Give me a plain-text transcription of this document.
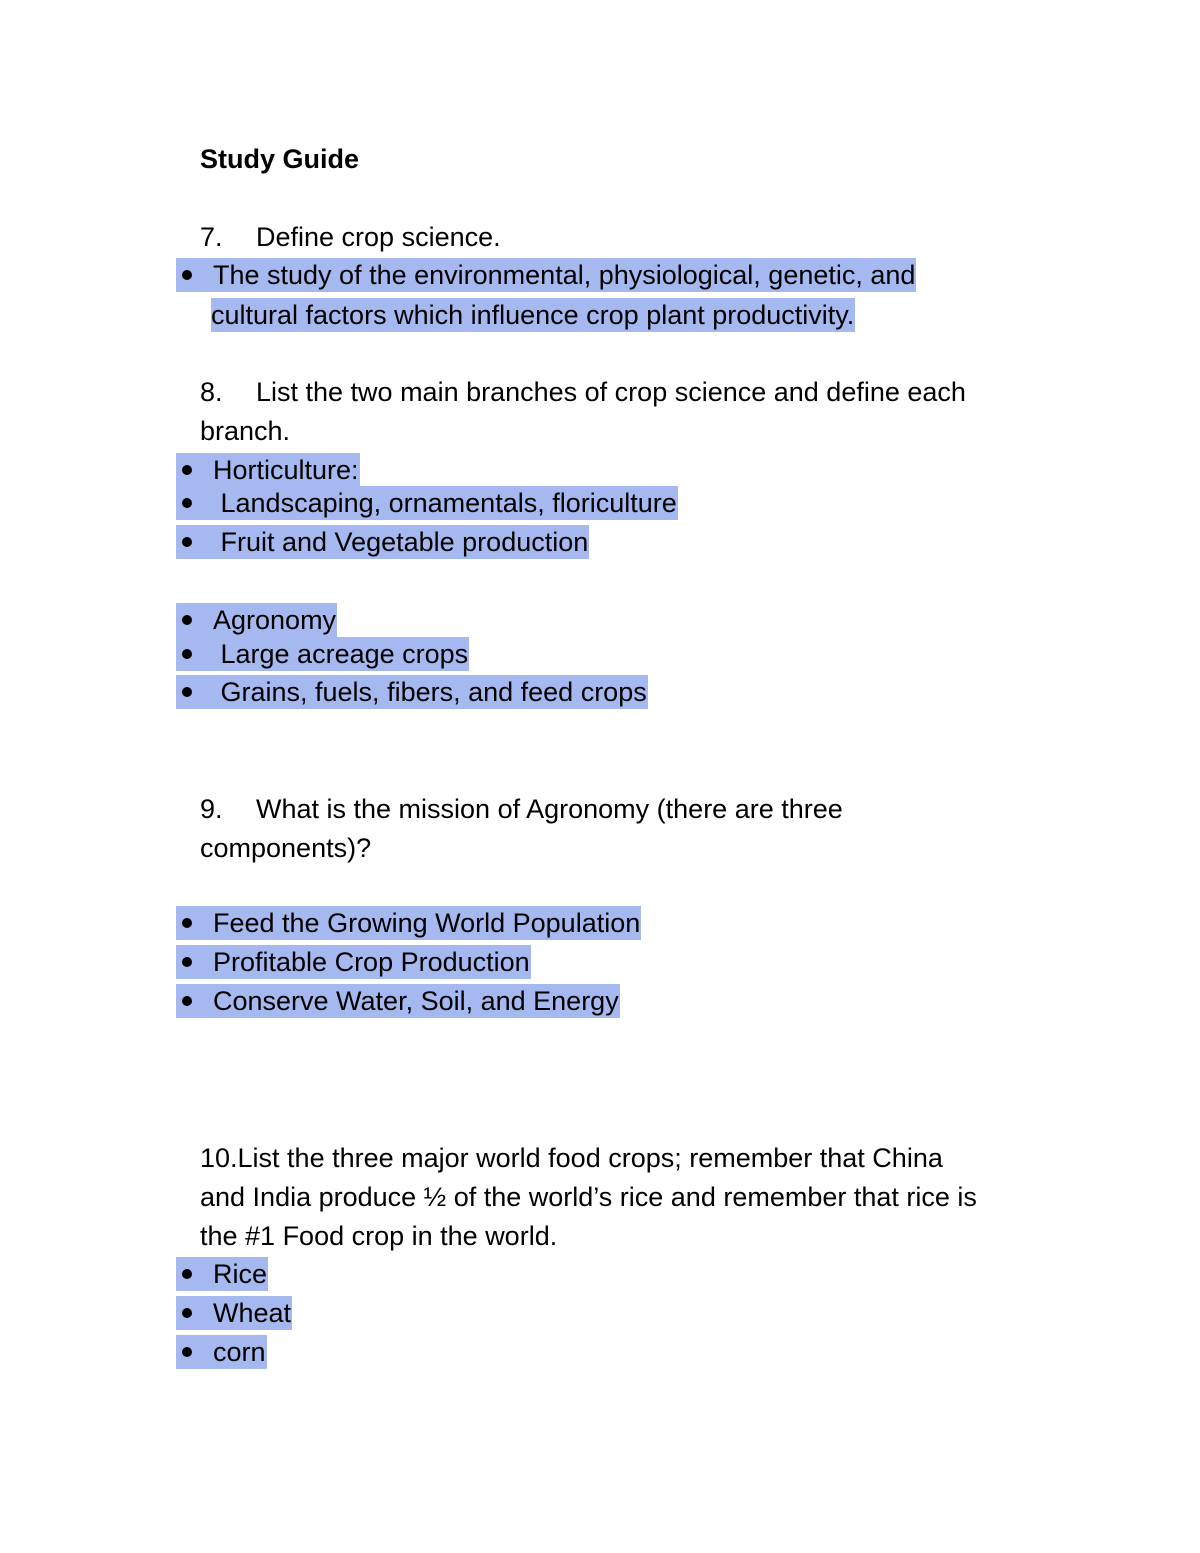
Study Guide
7. Define crop science.
The study of the environmental, physiological, genetic, and
cultural factors which influence crop plant productivity.
8. List the two main branches of crop science and define each
branch.
Horticulture:
Landscaping, ornamentals, floriculture
Fruit and Vegetable production
Agronomy
Large acreage crops
Grains, fuels, fibers, and feed crops
9. What is the mission of Agronomy (there are three
components)?
Feed the Growing World Population
Profitable Crop Production
Conserve Water, Soil, and Energy
10.List the three major world food crops; remember that China
and India produce ½ of the world’s rice and remember that rice is
the #1 Food crop in the world.
Rice
Wheat
corn
